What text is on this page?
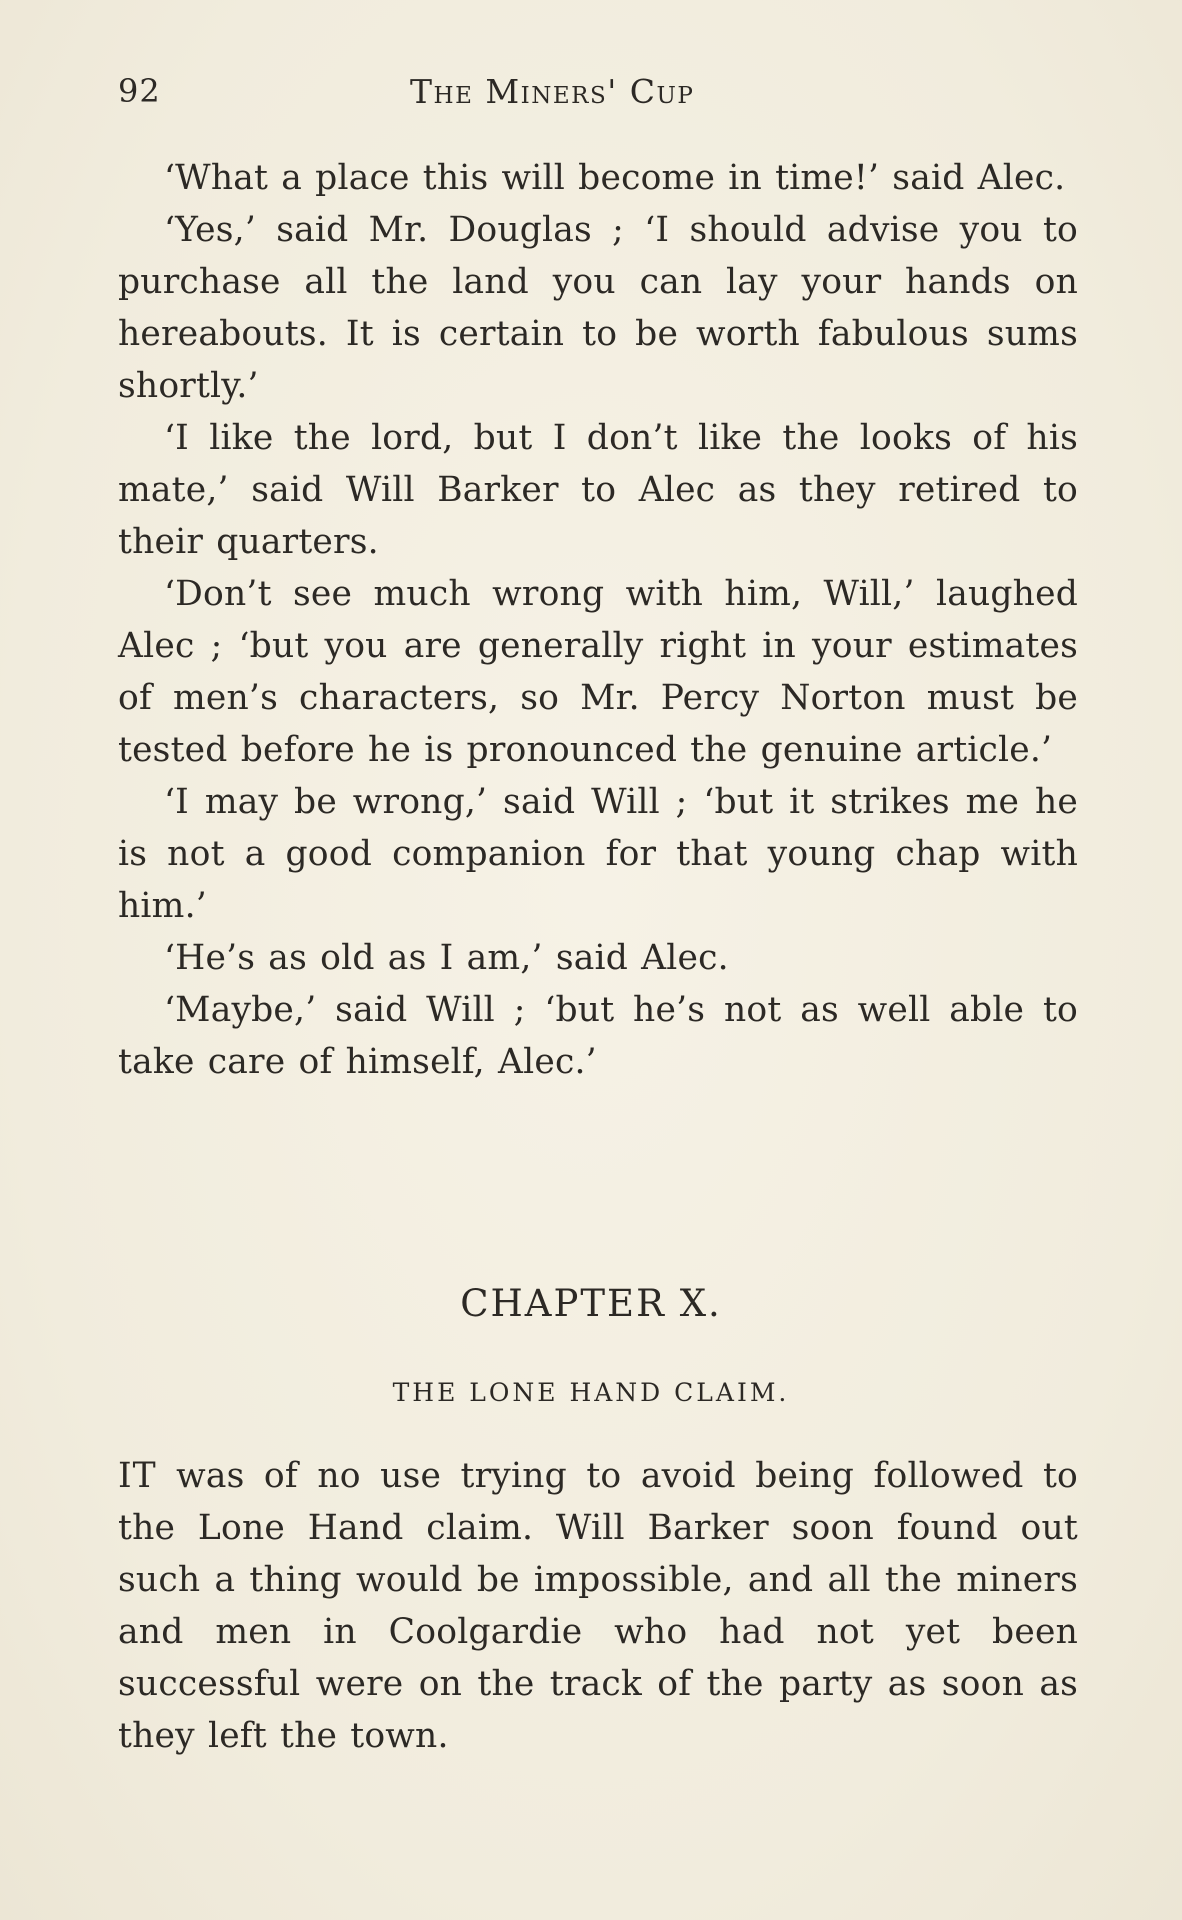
92	The Miners' Cup

‘What a place this will become in time!’ said Alec.

‘Yes,’ said Mr. Douglas ; ‘I should advise you to purchase all the land you can lay your hands on hereabouts. It is certain to be worth fabulous sums shortly.’

‘I like the lord, but I don’t like the looks of his mate,’ said Will Barker to Alec as they retired to their quarters.

‘Don’t see much wrong with him, Will,’ laughed Alec ; ‘but you are generally right in your estimates of men’s characters, so Mr. Percy Norton must be tested before he is pronounced the genuine article.’

‘I may be wrong,’ said Will ; ‘but it strikes me he is not a good companion for that young chap with him.’

‘He’s as old as I am,’ said Alec.

‘Maybe,’ said Will ; ‘but he’s not as well able to take care of himself, Alec.’

CHAPTER X.
THE LONE HAND CLAIM.

IT was of no use trying to avoid being followed to the Lone Hand claim. Will Barker soon found out such a thing would be impossible, and all the miners and men in Coolgardie who had not yet been successful were on the track of the party as soon as they left the town.
